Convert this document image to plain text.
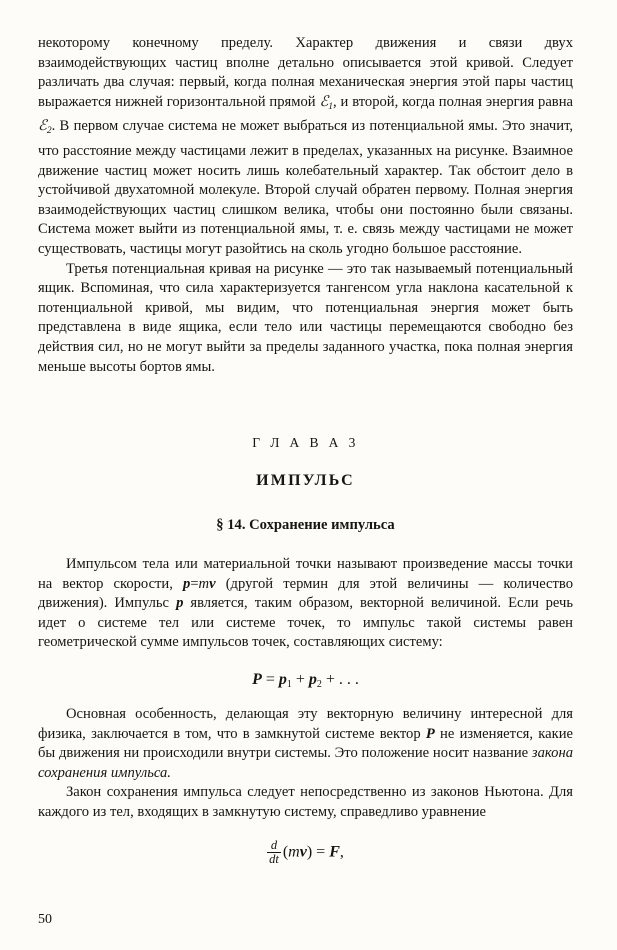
некоторому конечному пределу. Характер движения и связи двух взаимодействующих частиц вполне детально описывается этой кривой. Следует различать два случая: первый, когда полная механическая энергия этой пары частиц выражается нижней горизонтальной прямой ℰ$_1$, и второй, когда полная энергия равна ℰ$_2$. В первом случае система не может выбраться из потенциальной ямы. Это значит, что расстояние между частицами лежит в пределах, указанных на рисунке. Взаимное движение частиц может носить лишь колебательный характер. Так обстоит дело в устойчивой двухатомной молекуле. Второй случай обратен первому. Полная энергия взаимодействующих частиц слишком велика, чтобы они постоянно были связаны. Система может выйти из потенциальной ямы, т. е. связь между частицами не может существовать, частицы могут разойтись на сколь угодно большое расстояние.

Третья потенциальная кривая на рисунке — это так называемый потенциальный ящик. Вспоминая, что сила характеризуется тангенсом угла наклона касательной к потенциальной кривой, мы видим, что потенциальная энергия может быть представлена в виде ящика, если тело или частицы перемещаются свободно без действия сил, но не могут выйти за пределы заданного участка, пока полная энергия меньше высоты бортов ямы.

Г Л А В А 3
ИМПУЛЬС
§ 14. Сохранение импульса

Импульсом тела или материальной точки называют произведение массы точки на вектор скорости, p=mv (другой термин для этой величины — количество движения). Импульс p является, таким образом, векторной величиной. Если речь идет о системе тел или системе точек, то импульс такой системы равен геометрической сумме импульсов точек, составляющих систему:

$P = p_1 + p_2$ + . . .

Основная особенность, делающая эту векторную величину интересной для физика, заключается в том, что в замкнутой системе вектор P не изменяется, какие бы движения ни происходили внутри системы. Это положение носит название закона сохранения импульса.

Закон сохранения импульса следует непосредственно из законов Ньютона. Для каждого из тел, входящих в замкнутую систему, справедливо уравнение

$\frac{d}{dt} (mv) = F$,
50
